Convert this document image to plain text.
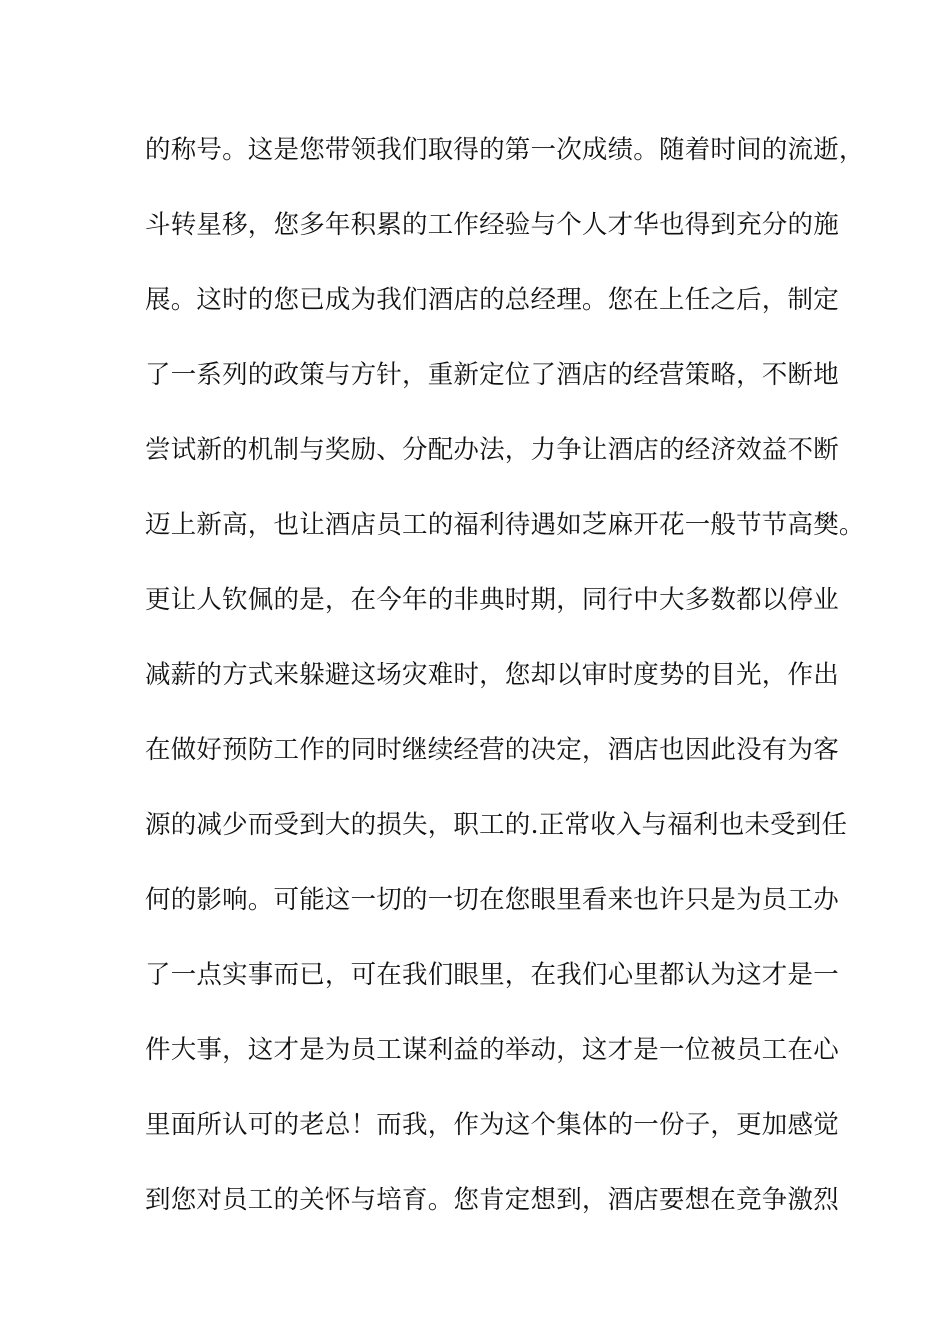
的称号。这是您带领我们取得的第一次成绩。随着时间的流逝，
斗转星移，您多年积累的工作经验与个人才华也得到充分的施
展。这时的您已成为我们酒店的总经理。您在上任之后，制定
了一系列的政策与方针，重新定位了酒店的经营策略，不断地
尝试新的机制与奖励、分配办法，力争让酒店的经济效益不断
迈上新高，也让酒店员工的福利待遇如芝麻开花一般节节高樊。
更让人钦佩的是，在今年的非典时期，同行中大多数都以停业
减薪的方式来躲避这场灾难时，您却以审时度势的目光，作出
在做好预防工作的同时继续经营的决定，酒店也因此没有为客
源的减少而受到大的损失，职工的.正常收入与福利也未受到任
何的影响。可能这一切的一切在您眼里看来也许只是为员工办
了一点实事而已，可在我们眼里，在我们心里都认为这才是一
件大事，这才是为员工谋利益的举动，这才是一位被员工在心
里面所认可的老总！而我，作为这个集体的一份子，更加感觉
到您对员工的关怀与培育。您肯定想到，酒店要想在竞争激烈
